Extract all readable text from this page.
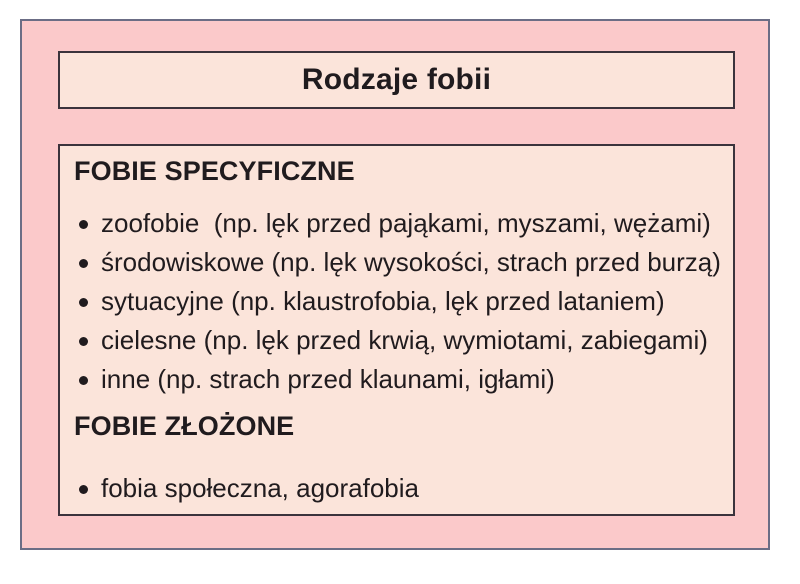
Rodzaje fobii
FOBIE SPECYFICZNE
zoofobie  (np. lęk przed pająkami, myszami, wężami)
środowiskowe (np. lęk wysokości, strach przed burzą)
sytuacyjne (np. klaustrofobia, lęk przed lataniem)
cielesne (np. lęk przed krwią, wymiotami, zabiegami)
inne (np. strach przed klaunami, igłami)
FOBIE ZŁOŻONE
fobia społeczna, agorafobia
